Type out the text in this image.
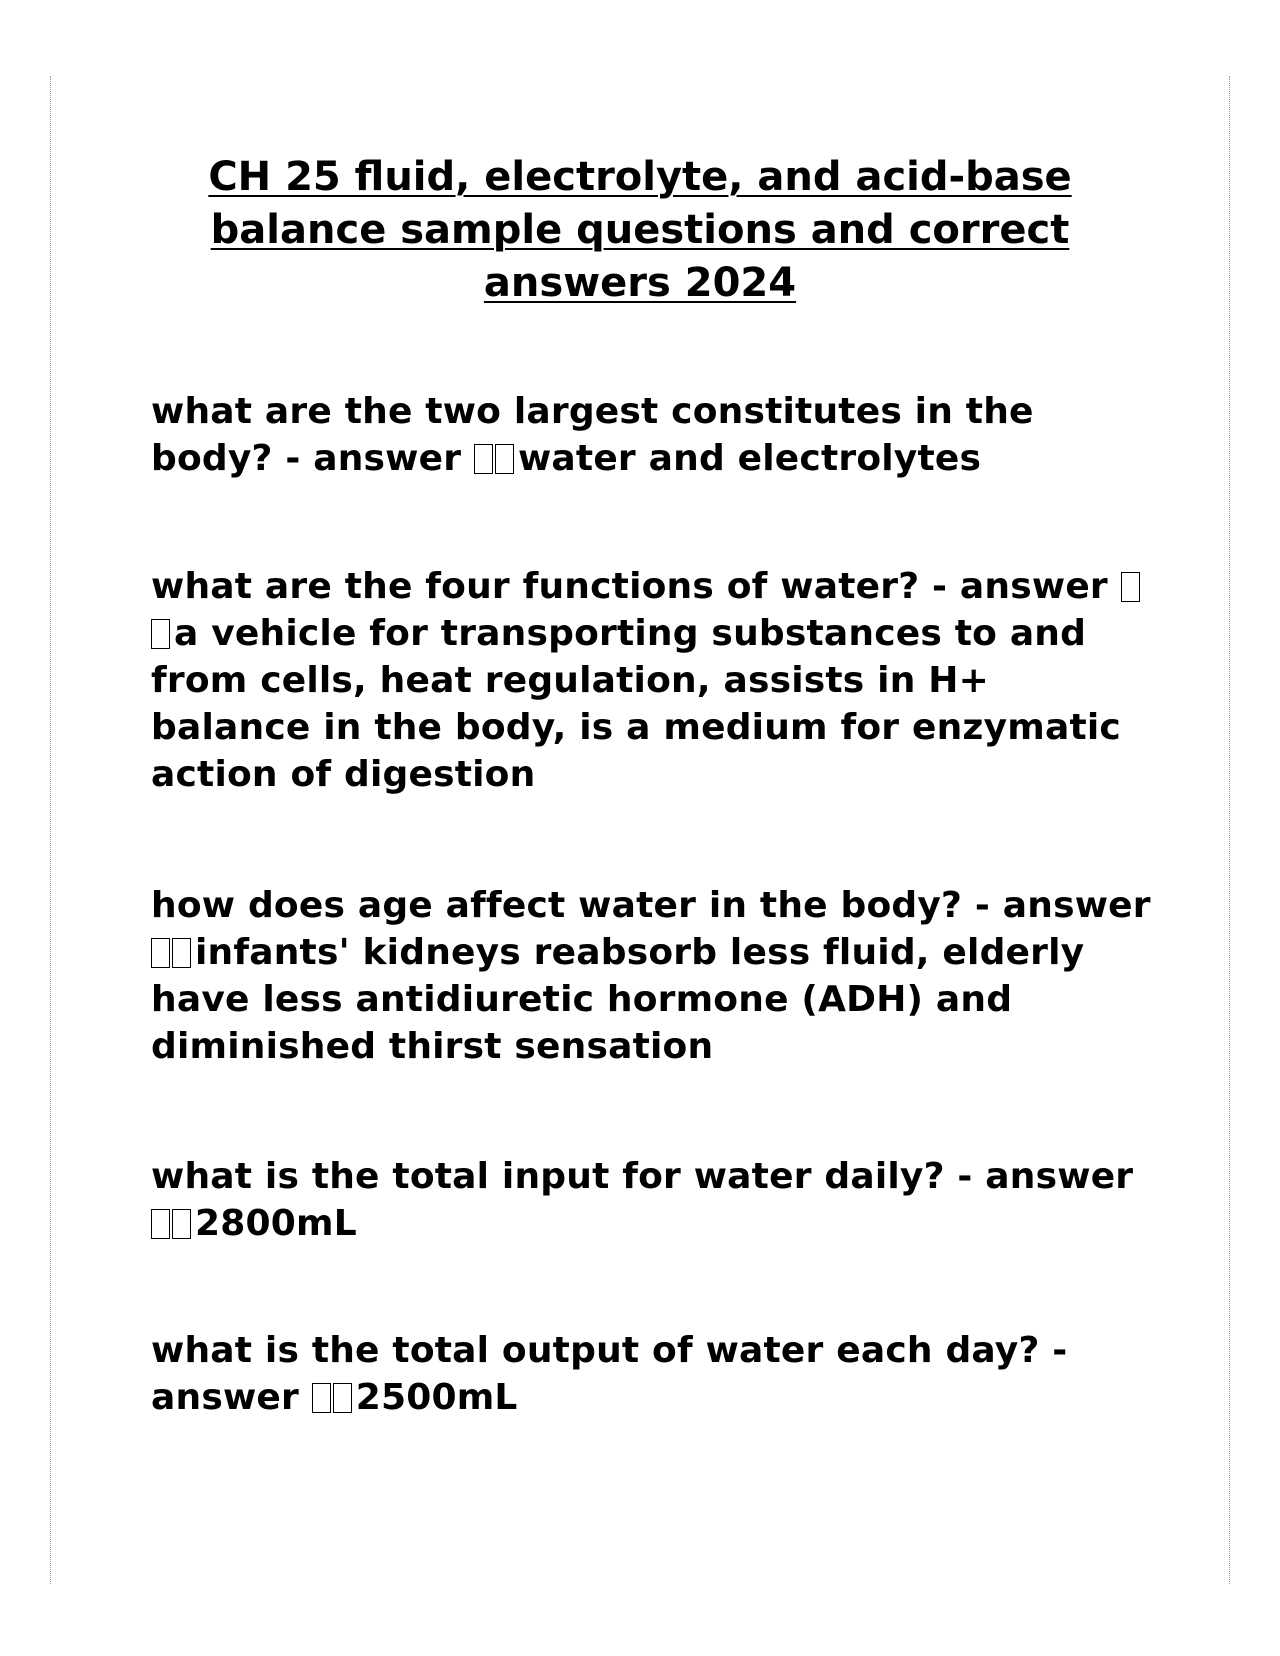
CH 25 fluid, electrolyte, and acid-base balance sample questions and correct answers 2024

what are the two largest constitutes in the body? - answer water and electrolytes

what are the four functions of water? - answer a vehicle for transporting substances to and from cells, heat regulation, assists in H+ balance in the body, is a medium for enzymatic action of digestion

how does age affect water in the body? - answer infants' kidneys reabsorb less fluid, elderly have less antidiuretic hormone (ADH) and diminished thirst sensation

what is the total input for water daily? - answer 2800mL

what is the total output of water each day? - answer 2500mL
